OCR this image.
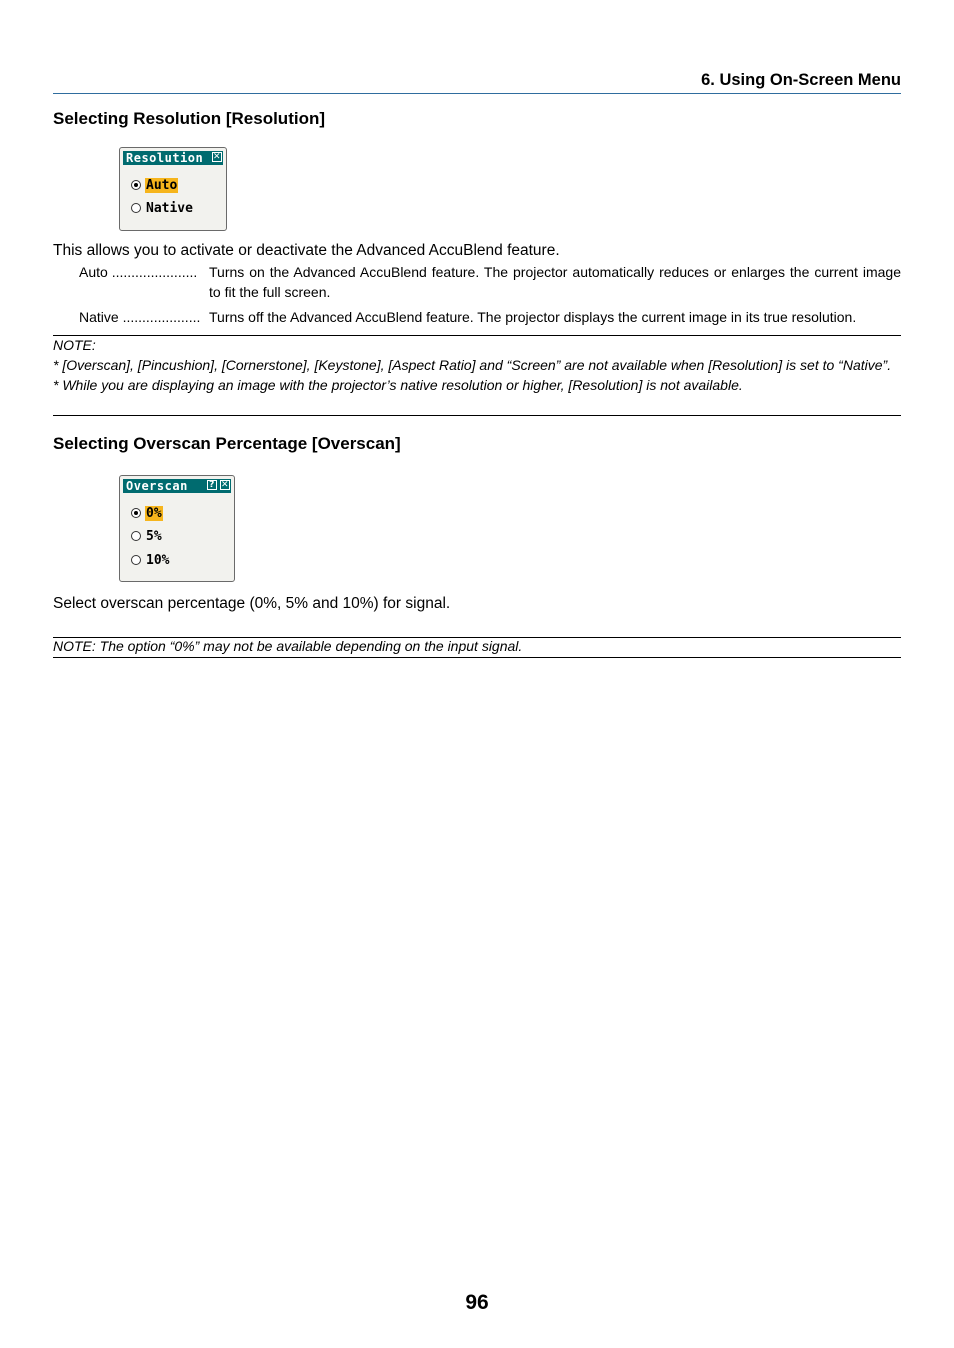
6. Using On-Screen Menu
Selecting Resolution [Resolution]
Resolution ✕
Auto
Native
This allows you to activate or deactivate the Advanced AccuBlend feature.
Auto ...................... Turns on the Advanced AccuBlend feature. The projector automatically reduces or enlarges the current image to fit the full screen.
Native .................... Turns off the Advanced AccuBlend feature. The projector displays the current image in its true resolution.
NOTE:
* [Overscan], [Pincushion], [Cornerstone], [Keystone], [Aspect Ratio] and “Screen” are not available when [Resolution] is set to “Native”.
* While you are displaying an image with the projector’s native resolution or higher, [Resolution] is not available.
Selecting Overscan Percentage [Overscan]
Overscan ? ✕
0%
5%
10%
Select overscan percentage (0%, 5% and 10%) for signal.
NOTE: The option “0%” may not be available depending on the input signal.
96
